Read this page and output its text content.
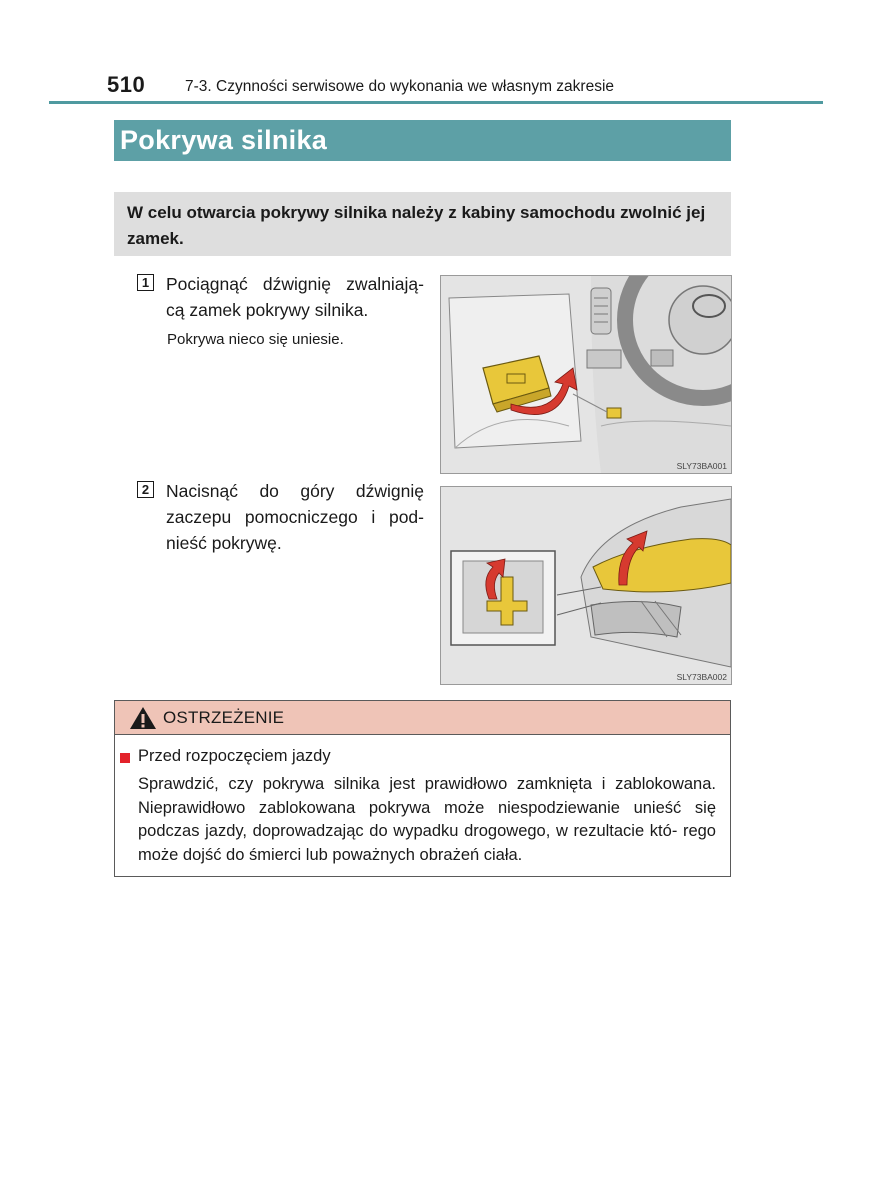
510	7-3. Czynności serwisowe do wykonania we własnym zakresie
Pokrywa silnika
W celu otwarcia pokrywy silnika należy z kabiny samochodu zwolnić jej zamek.
1 Pociągnąć dźwignię zwalniają- cą zamek pokrywy silnika.
Pokrywa nieco się uniesie.
SLY73BA001
2 Nacisnąć do góry dźwignię zaczepu pomocniczego i pod- nieść pokrywę.
SLY73BA002
OSTRZEŻENIE
Przed rozpoczęciem jazdy

Sprawdzić, czy pokrywa silnika jest prawidłowo zamknięta i zablokowana. Nieprawidłowo zablokowana pokrywa może niespodziewanie unieść się podczas jazdy, doprowadzając do wypadku drogowego, w rezultacie któ- rego może dojść do śmierci lub poważnych obrażeń ciała.
